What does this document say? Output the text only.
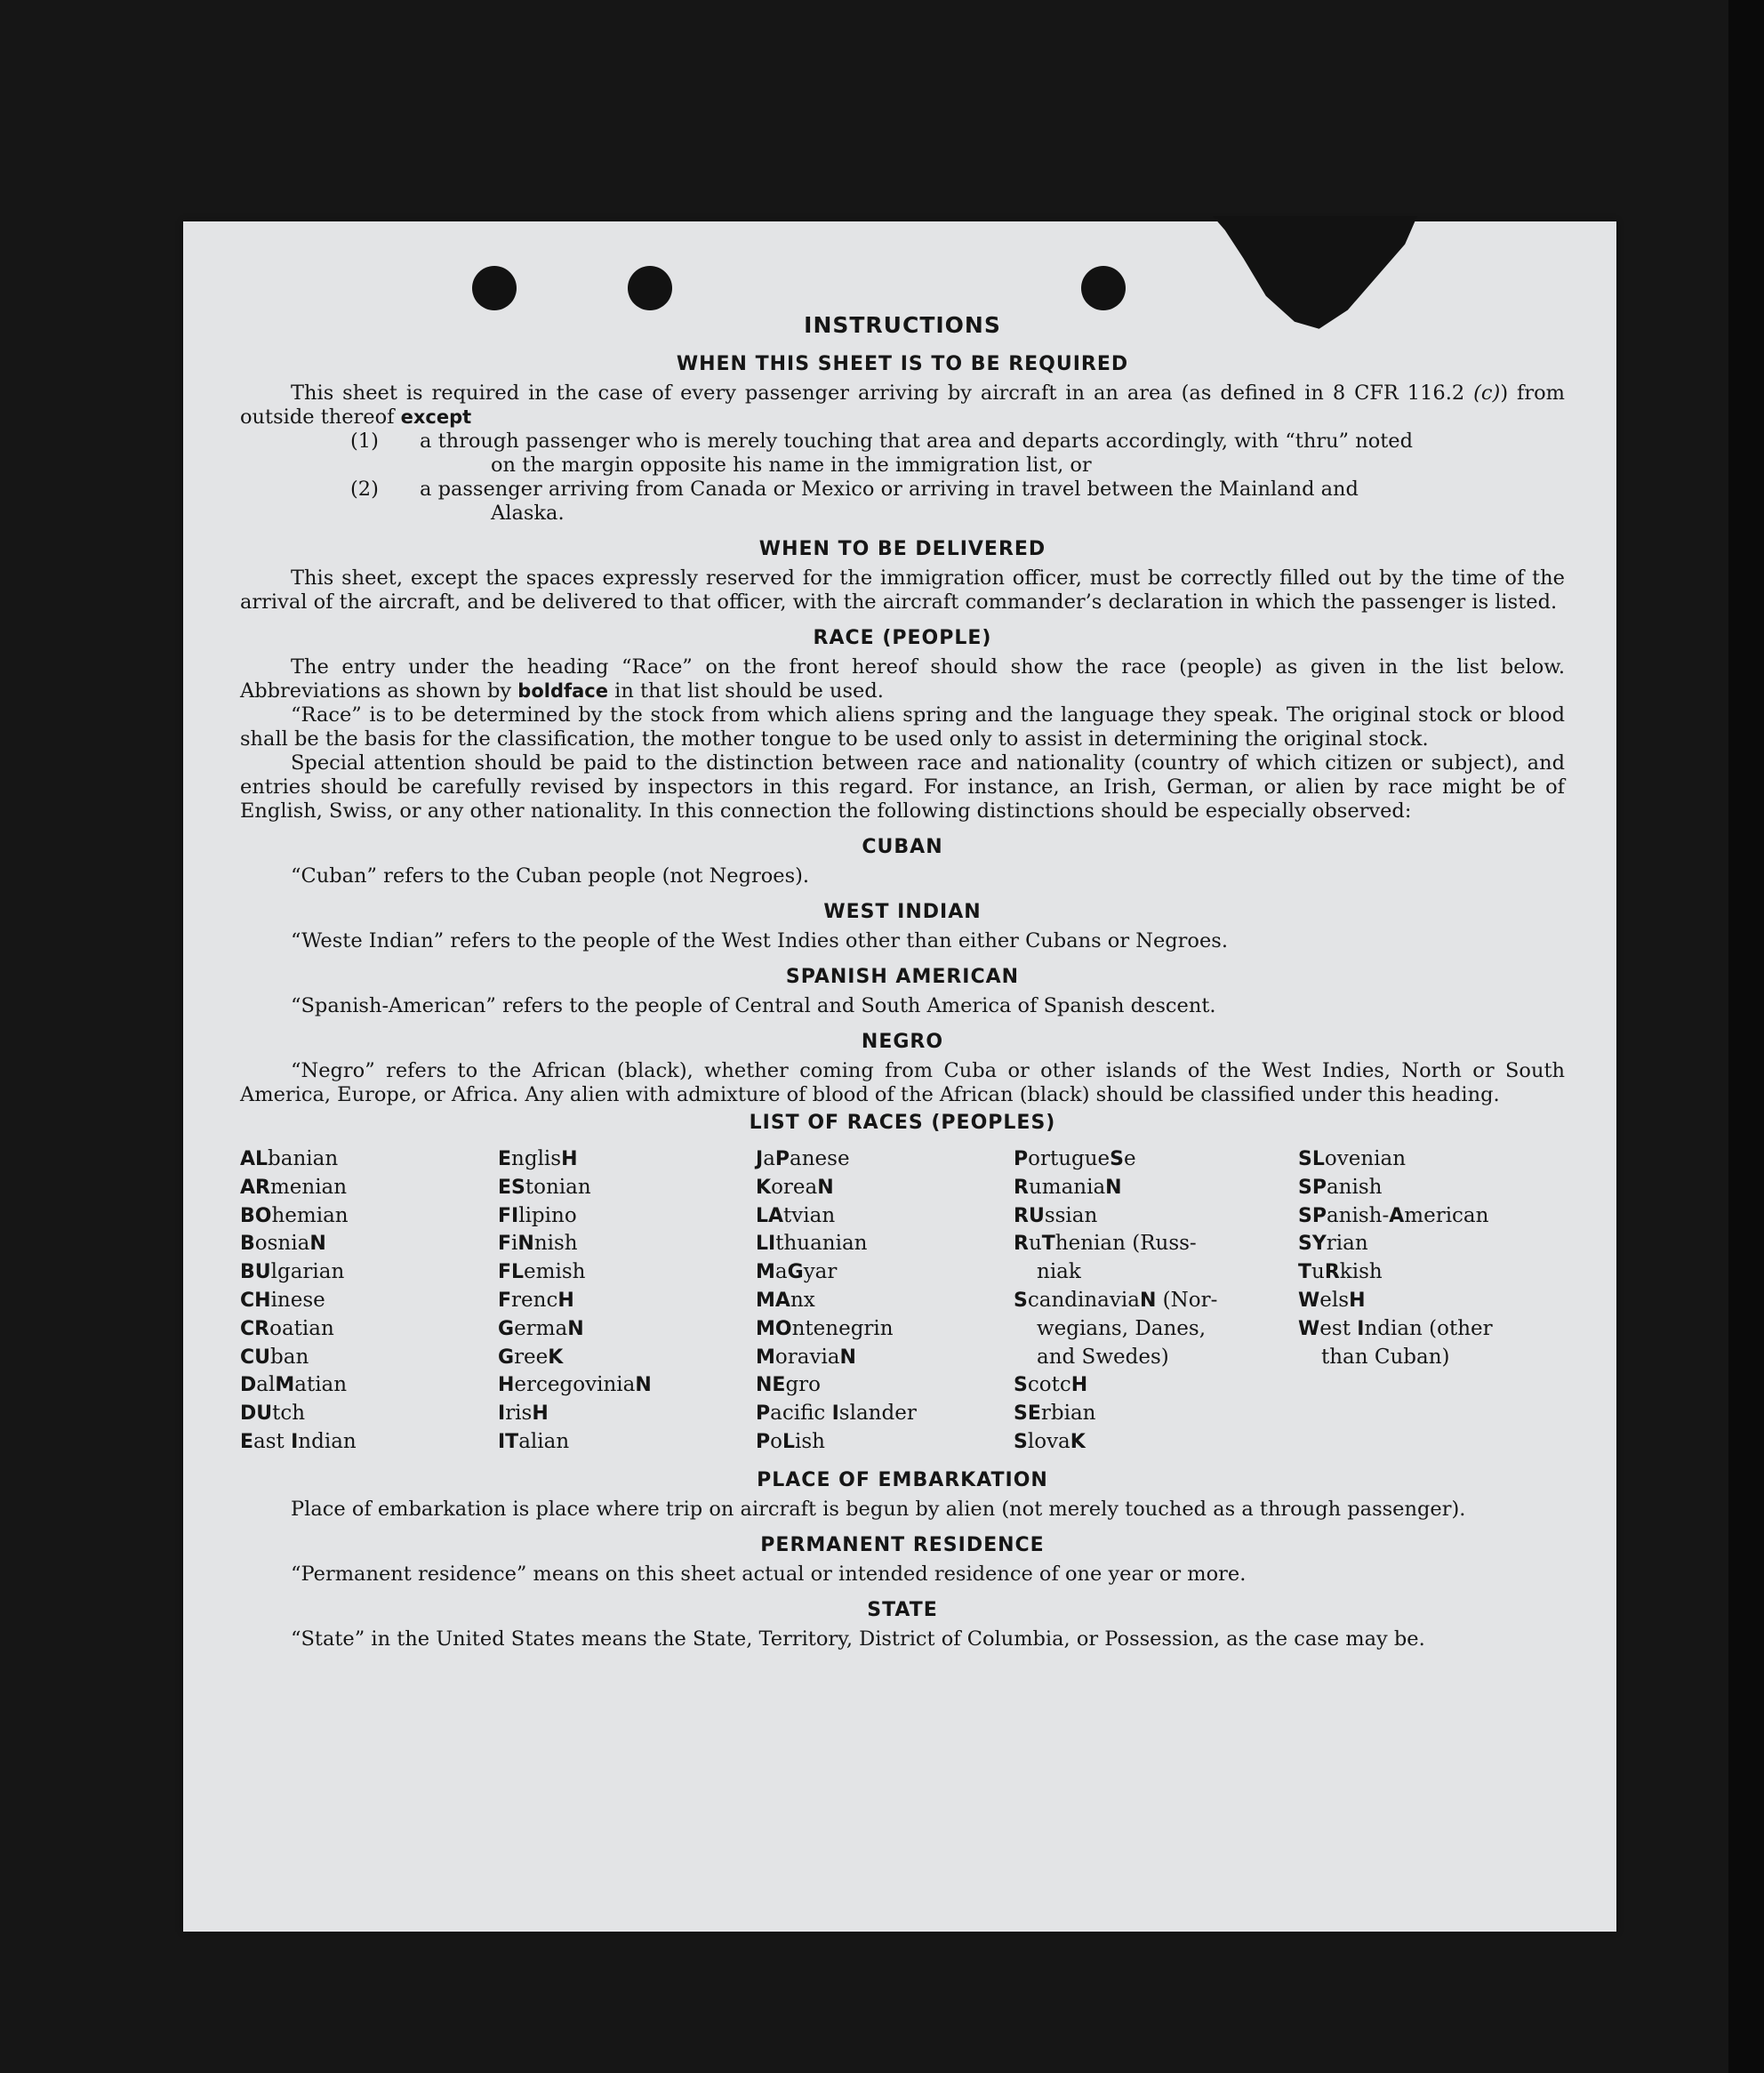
INSTRUCTIONS
WHEN THIS SHEET IS TO BE REQUIRED

This sheet is required in the case of every passenger arriving by aircraft in an area (as defined in 8 CFR 116.2 (c)) from outside thereof except

(1) a through passenger who is merely touching that area and departs accordingly, with “thru” noted
on the margin opposite his name in the immigration list, or
(2) a passenger arriving from Canada or Mexico or arriving in travel between the Mainland and
Alaska.
WHEN TO BE DELIVERED

This sheet, except the spaces expressly reserved for the immigration officer, must be correctly filled out by the time of the arrival of the aircraft, and be delivered to that officer, with the aircraft commander’s declaration in which the passenger is listed.

RACE (PEOPLE)

The entry under the heading “Race” on the front hereof should show the race (people) as given in the list below. Abbreviations as shown by boldface in that list should be used.

“Race” is to be determined by the stock from which aliens spring and the language they speak. The original stock or blood shall be the basis for the classification, the mother tongue to be used only to assist in determining the original stock.

Special attention should be paid to the distinction between race and nationality (country of which citizen or subject), and entries should be carefully revised by inspectors in this regard. For instance, an Irish, German, or alien by race might be of English, Swiss, or any other nationality. In this connection the following distinctions should be especially observed:

CUBAN

“Cuban” refers to the Cuban people (not Negroes).

WEST INDIAN

“Weste Indian” refers to the people of the West Indies other than either Cubans or Negroes.

SPANISH AMERICAN

“Spanish-American” refers to the people of Central and South America of Spanish descent.

NEGRO

“Negro” refers to the African (black), whether coming from Cuba or other islands of the West Indies, North or South America, Europe, or Africa. Any alien with admixture of blood of the African (black) should be classified under this heading.

LIST OF RACES (PEOPLES)
ALbanian
ARmenian
BOhemian
BosniaN
BUlgarian
CHinese
CRoatian
CUban
DalMatian
DUtch
East Indian
EnglisH
EStonian
FIlipino
FiNnish
FLemish
FrencH
GermaN
GreeK
HercegoviniaN
IrisH
ITalian
JaPanese
KoreaN
LAtvian
LIthuanian
MaGyar
MAnx
MOntenegrin
MoraviaN
NEgro
Pacific Islander
PoLish
PortugueSe
RumaniaN
RUssian
RuThenian (Russ-
niak
ScandinaviaN (Nor-
wegians, Danes,
and Swedes)
ScotcH
SErbian
SlovaK
SLovenian
SPanish
SPanish-American
SYrian
TuRkish
WelsH
West Indian (other
than Cuban)
PLACE OF EMBARKATION

Place of embarkation is place where trip on aircraft is begun by alien (not merely touched as a through passenger).

PERMANENT RESIDENCE

“Permanent residence” means on this sheet actual or intended residence of one year or more.

STATE

“State” in the United States means the State, Territory, District of Columbia, or Possession, as the case may be.
